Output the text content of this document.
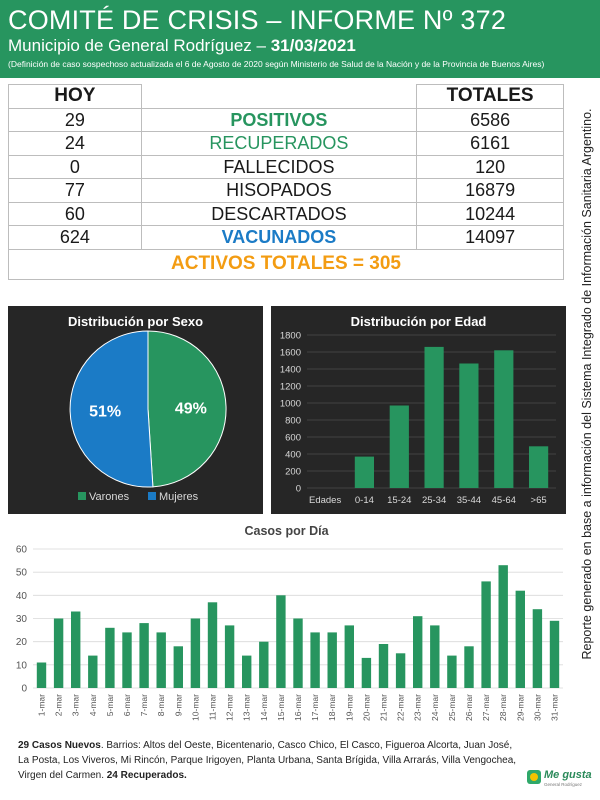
COMITÉ DE CRISIS – INFORME Nº 372
Municipio de General Rodríguez – 31/03/2021
(Definición de caso sospechoso actualizada el 6 de Agosto de 2020 según Ministerio de Salud de la Nación y de la Provincia de Buenos Aires)
HOY		TOTALES
29	POSITIVOS	6586
24	RECUPERADOS	6161
0	FALLECIDOS	120
77	HISOPADOS	16879
60	DESCARTADOS	10244
624	VACUNADOS	14097
ACTIVOS TOTALES = 305			Reporte generado en base a información del Sistema Integrado de Información Sanitaria Argentino.
Distribución por Sexo
49%
51%
Varones	Mujeres
Distribución por Edad
0
200
400
600
800
1000
1200
1400
1600
1800
Edades 0-14 15-24 25-34 35-44 45-64 >65
Casos por Día
0
10
20
30
40
50
60
1-mar 2-mar 3-mar 4-mar 5-mar 6-mar 7-mar 8-mar 9-mar 10-mar 11-mar 12-mar 13-mar 14-mar 15-mar 16-mar 17-mar 18-mar 19-mar 20-mar 21-mar 22-mar 23-mar 24-mar 25-mar 26-mar 27-mar 28-mar 29-mar 30-mar 31-mar
29 Casos Nuevos. Barrios: Altos del Oeste, Bicentenario, Casco Chico, El Casco, Figueroa Alcorta, Juan José, La Posta, Los Viveros, Mi Rincón, Parque Irigoyen, Planta Urbana, Santa Brígida, Villa Arrarás, Villa Vengochea, Virgen del Carmen. 24 Recuperados.	Me gusta
General Rodríguez
